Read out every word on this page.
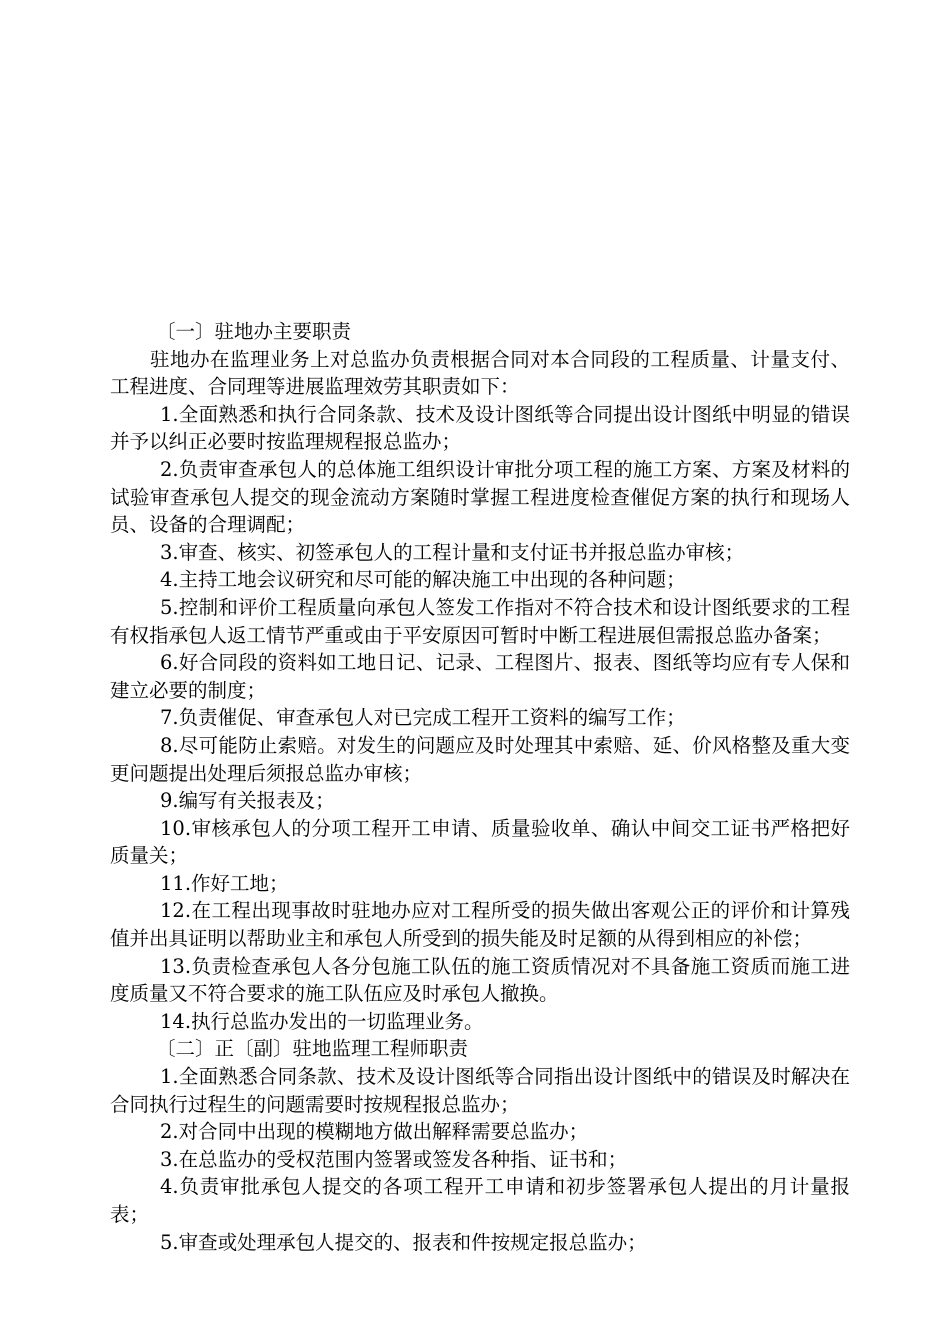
〔一〕驻地办主要职责

驻地办在监理业务上对总监办负责根据合同对本合同段的工程质量、计量支付、工程进度、合同理等进展监理效劳其职责如下：

1.全面熟悉和执行合同条款、技术及设计图纸等合同提出设计图纸中明显的错误并予以纠正必要时按监理规程报总监办；

2.负责审查承包人的总体施工组织设计审批分项工程的施工方案、方案及材料的试验审查承包人提交的现金流动方案随时掌握工程进度检查催促方案的执行和现场人员、设备的合理调配；

3.审查、核实、初签承包人的工程计量和支付证书并报总监办审核；

4.主持工地会议研究和尽可能的解决施工中出现的各种问题；

5.控制和评价工程质量向承包人签发工作指对不符合技术和设计图纸要求的工程有权指承包人返工情节严重或由于平安原因可暂时中断工程进展但需报总监办备案；

6.好合同段的资料如工地日记、记录、工程图片、报表、图纸等均应有专人保和建立必要的制度；

7.负责催促、审查承包人对已完成工程开工资料的编写工作；

8.尽可能防止索赔。对发生的问题应及时处理其中索赔、延、价风格整及重大变更问题提出处理后须报总监办审核；

9.编写有关报表及；

10.审核承包人的分项工程开工申请、质量验收单、确认中间交工证书严格把好质量关；

11.作好工地；

12.在工程出现事故时驻地办应对工程所受的损失做出客观公正的评价和计算残值并出具证明以帮助业主和承包人所受到的损失能及时足额的从得到相应的补偿；

13.负责检查承包人各分包施工队伍的施工资质情况对不具备施工资质而施工进度质量又不符合要求的施工队伍应及时承包人撤换。

14.执行总监办发出的一切监理业务。

〔二〕正〔副〕驻地监理工程师职责

1.全面熟悉合同条款、技术及设计图纸等合同指出设计图纸中的错误及时解决在合同执行过程生的问题需要时按规程报总监办；

2.对合同中出现的模糊地方做出解释需要总监办；

3.在总监办的受权范围内签署或签发各种指、证书和；

4.负责审批承包人提交的各项工程开工申请和初步签署承包人提出的月计量报表；

5.审查或处理承包人提交的、报表和件按规定报总监办；
